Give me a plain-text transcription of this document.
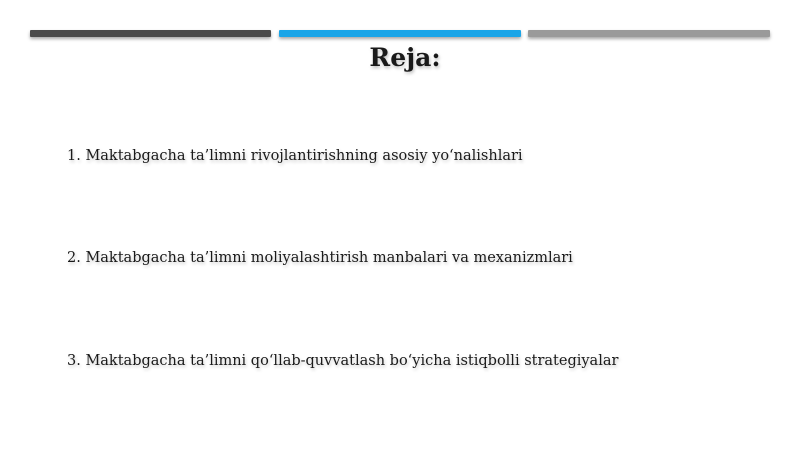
Reja:
1. Maktabgacha ta’limni rivojlantirishning asosiy yo‘nalishlari
2. Maktabgacha ta’limni moliyalashtirish manbalari va mexanizmlari
3. Maktabgacha ta’limni qo‘llab-quvvatlash bo‘yicha istiqbolli strategiyalar
